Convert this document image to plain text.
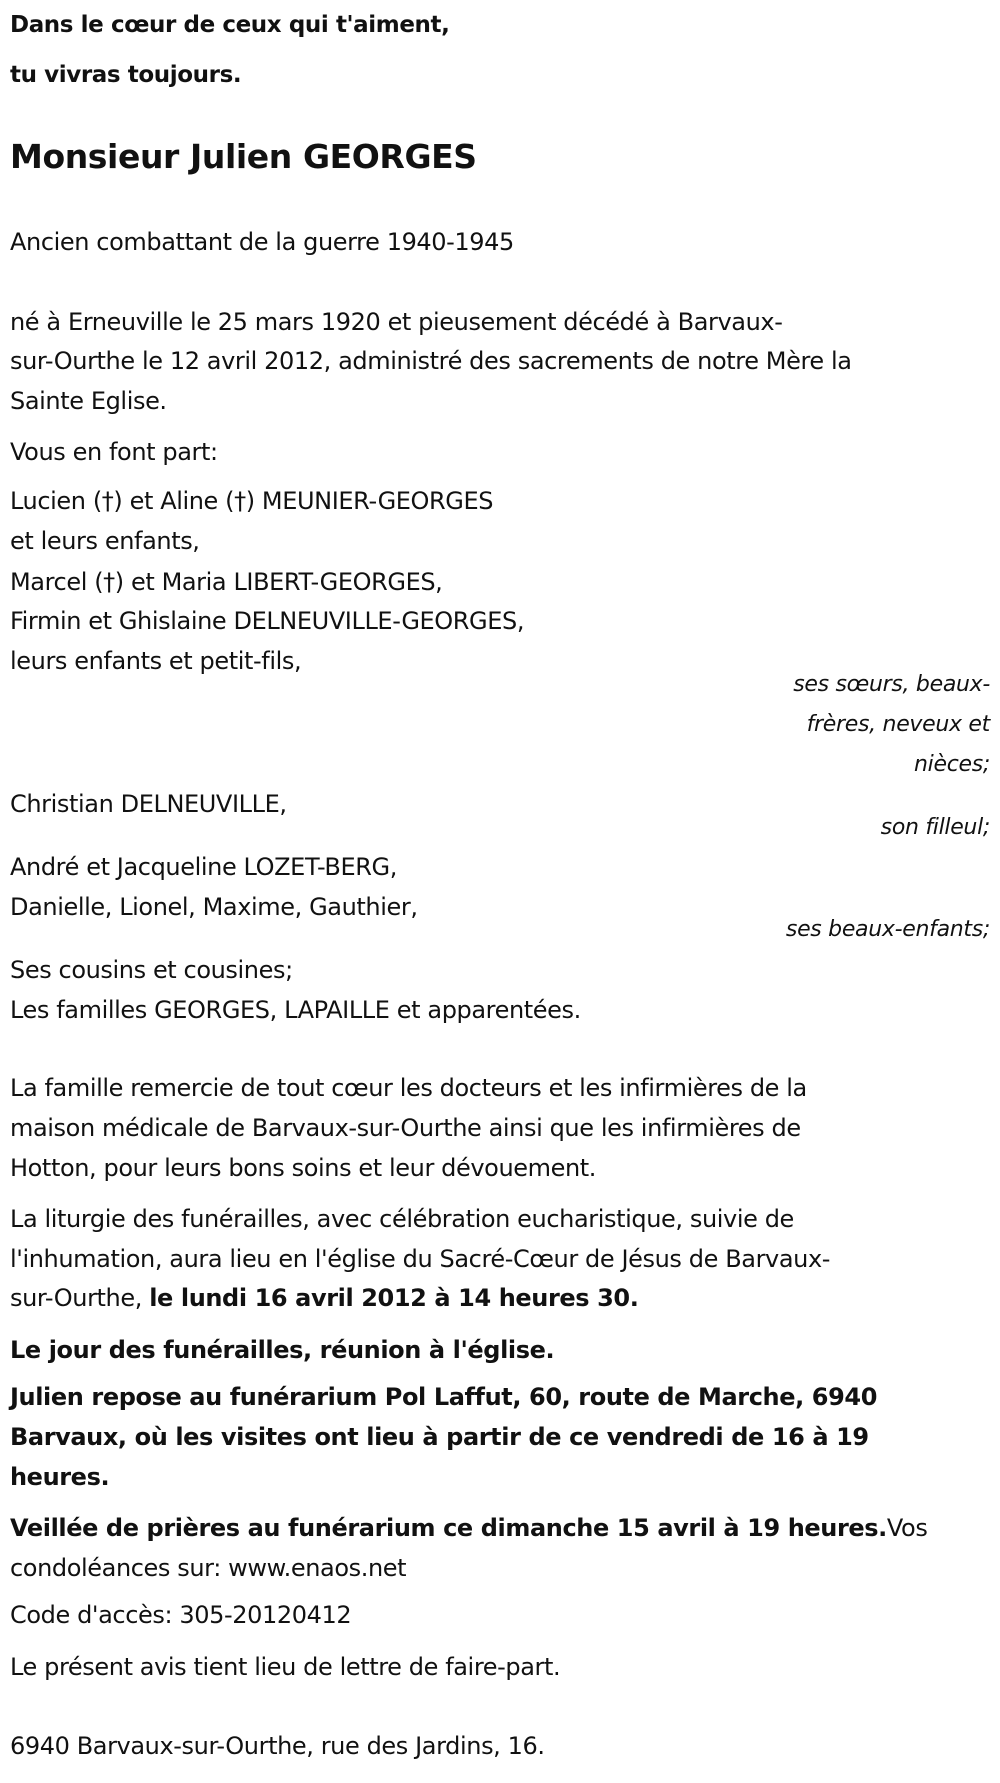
Dans le cœur de ceux qui t'aiment,
tu vivras toujours.
Monsieur Julien GEORGES
Ancien combattant de la guerre 1940-1945
né à Erneuville le 25 mars 1920 et pieusement décédé à Barvaux-
sur-Ourthe le 12 avril 2012, administré des sacrements de notre Mère la
Sainte Eglise.
Vous en font part:
Lucien (†) et Aline (†) MEUNIER-GEORGES
et leurs enfants,
Marcel (†) et Maria LIBERT-GEORGES,
Firmin et Ghislaine DELNEUVILLE-GEORGES,
leurs enfants et petit-fils,
ses sœurs, beaux-
frères, neveux et
nièces;
Christian DELNEUVILLE,
son filleul;
André et Jacqueline LOZET-BERG,
Danielle, Lionel, Maxime, Gauthier,
ses beaux-enfants;
Ses cousins et cousines;
Les familles GEORGES, LAPAILLE et apparentées.
La famille remercie de tout cœur les docteurs et les infirmières de la
maison médicale de Barvaux-sur-Ourthe ainsi que les infirmières de
Hotton, pour leurs bons soins et leur dévouement.
La liturgie des funérailles, avec célébration eucharistique, suivie de
l'inhumation, aura lieu en l'église du Sacré-Cœur de Jésus de Barvaux-
sur-Ourthe, le lundi 16 avril 2012 à 14 heures 30.
Le jour des funérailles, réunion à l'église.
Julien repose au funérarium Pol Laffut, 60, route de Marche, 6940
Barvaux, où les visites ont lieu à partir de ce vendredi de 16 à 19
heures.
Veillée de prières au funérarium ce dimanche 15 avril à 19 heures.Vos
condoléances sur: www.enaos.net
Code d'accès: 305-20120412
Le présent avis tient lieu de lettre de faire-part.
6940 Barvaux-sur-Ourthe, rue des Jardins, 16.
